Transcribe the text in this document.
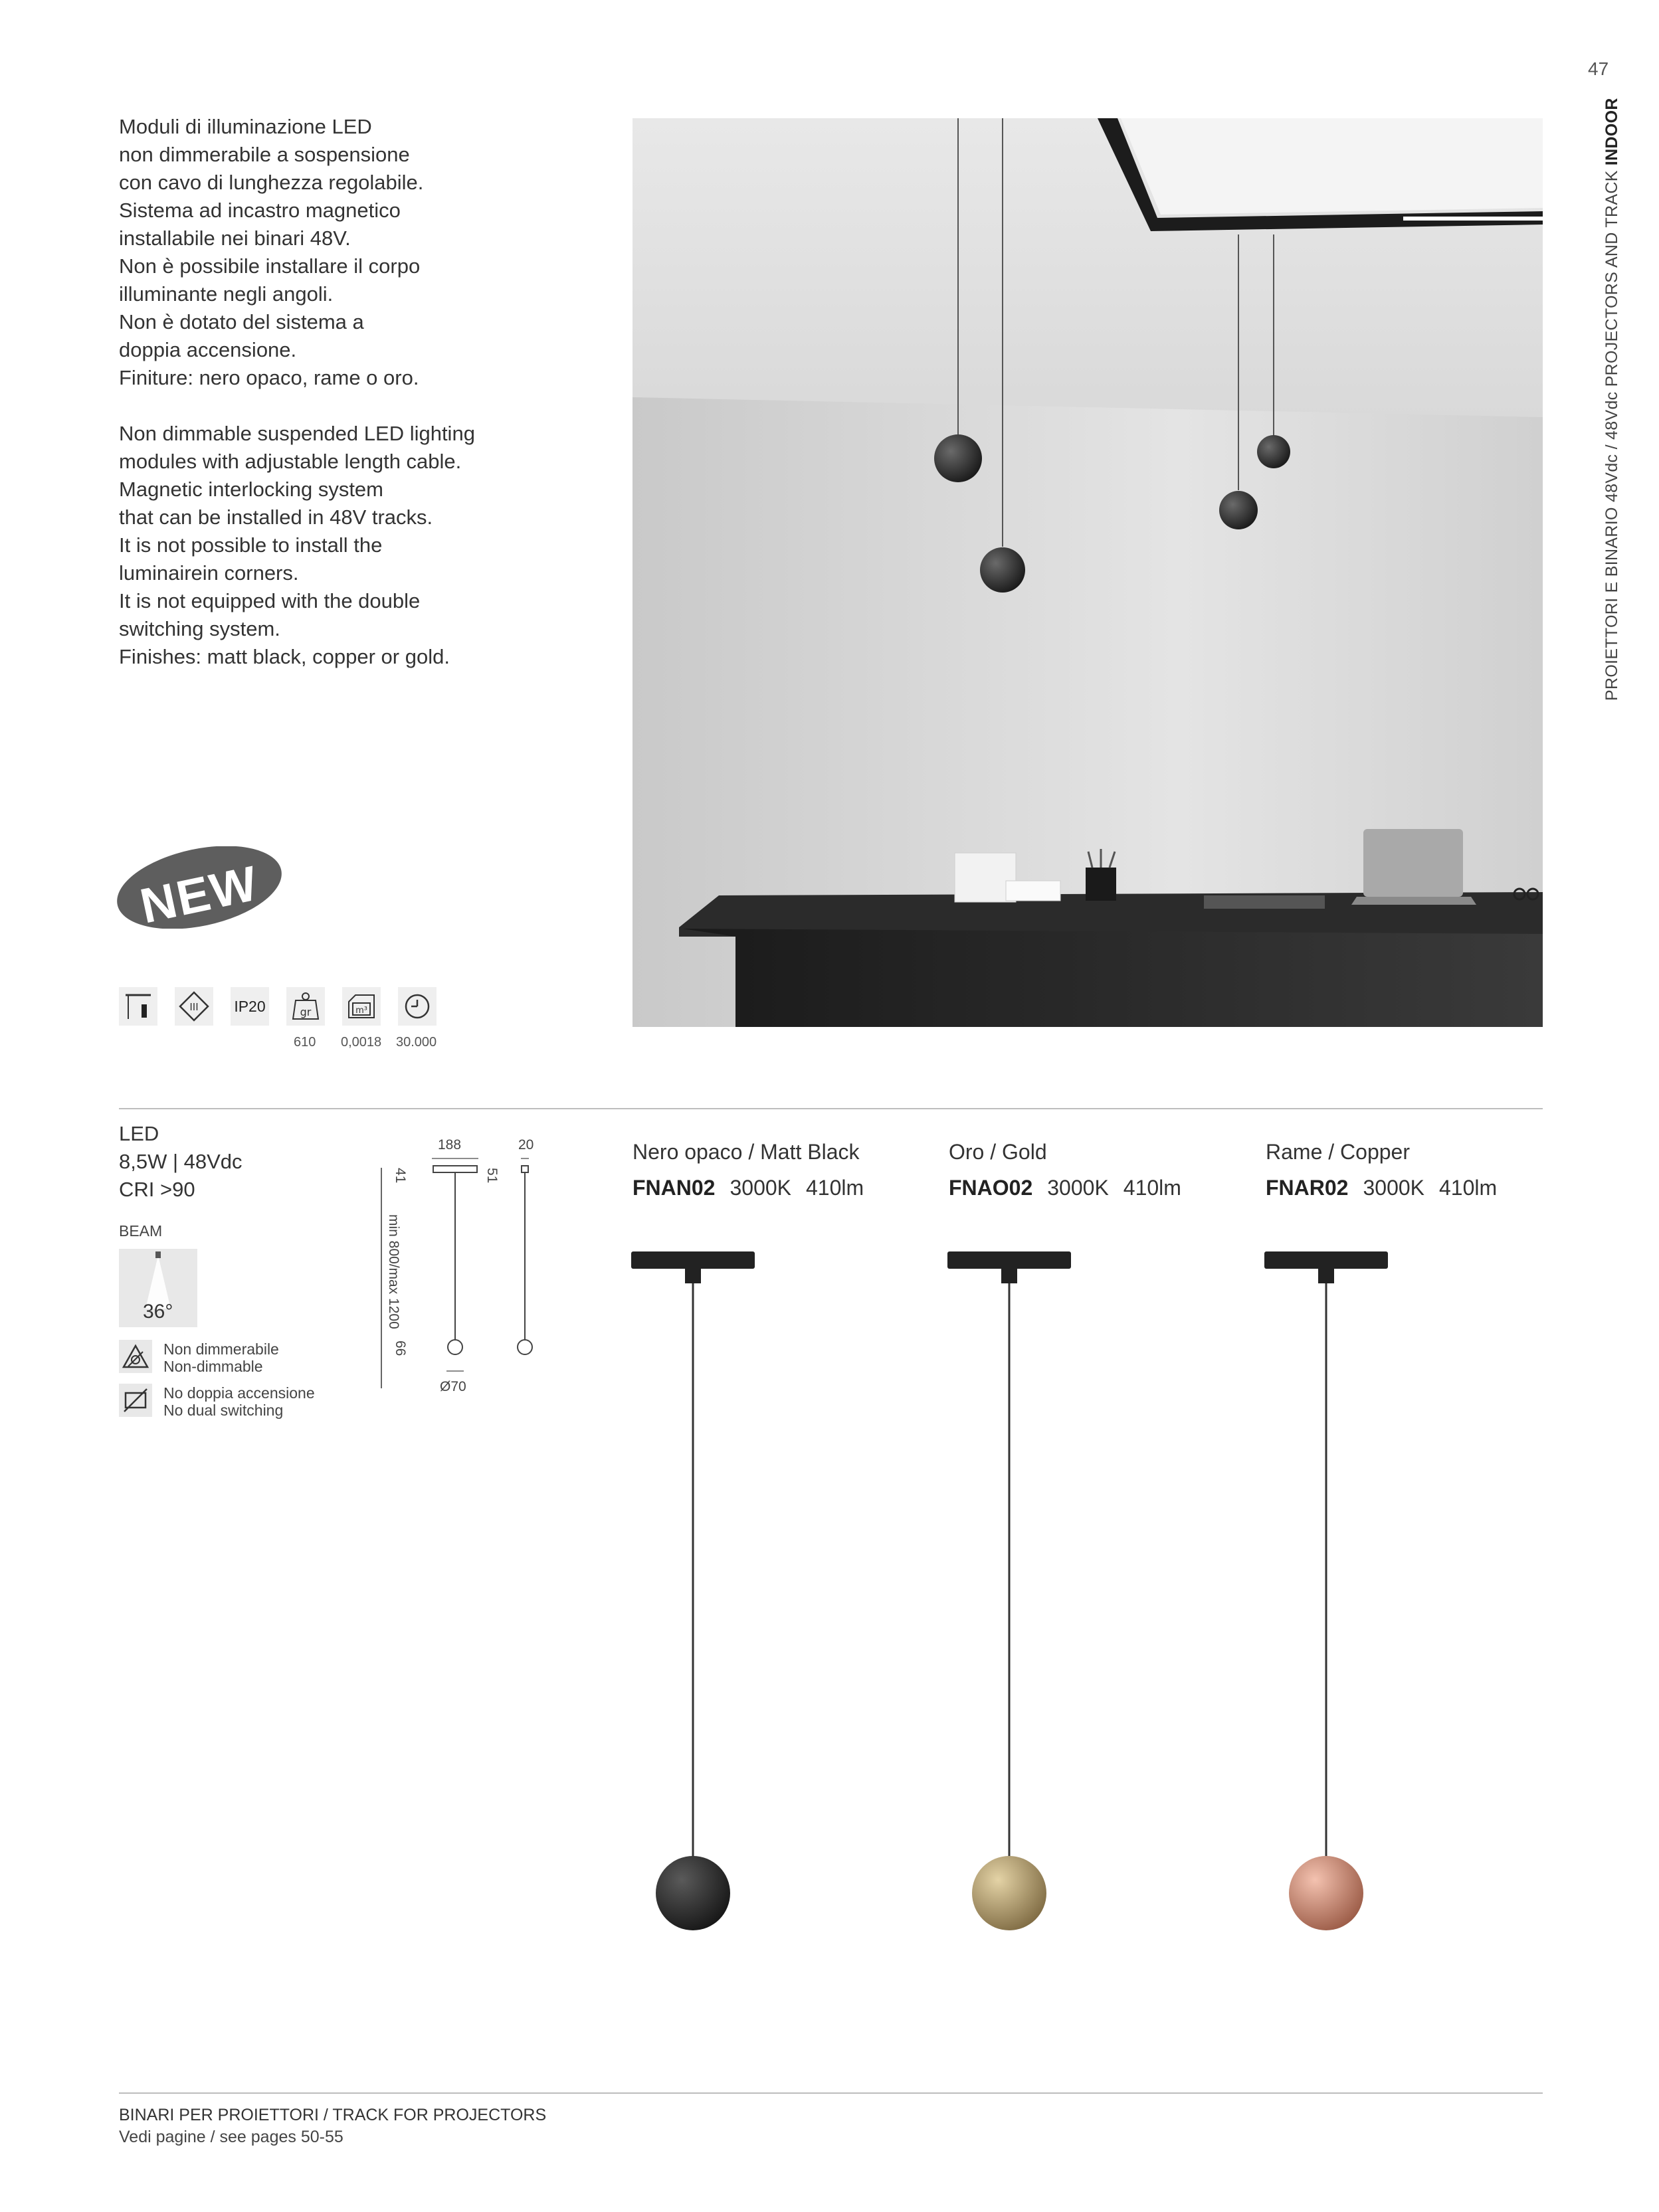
47
PROIETTORI E BINARIO 48Vdc / 48Vdc PROJECTORS AND TRACK INDOOR

Moduli di illuminazione LED

non dimmerabile a sospensione

con cavo di lunghezza regolabile.

Sistema ad incastro magnetico

installabile nei binari 48V.

Non è possibile installare il corpo

illuminante negli angoli.

Non è dotato del sistema a

doppia accensione.

Finiture: nero opaco, rame o oro.

Non dimmable suspended LED lighting

modules with adjustable length cable.

Magnetic interlocking system

that can be installed in 48V tracks.

It is not possible to install the

luminairein corners.

It is not equipped with the double

switching system.

Finishes: matt black, copper or gold.

NEW
III IP20	gr	m³
610 0,0018 30.000
LED
8,5W | 48Vdc
CRI >90
BEAM
36°
Non dimmerabile
Non-dimmable
No doppia accensione
No dual switching
188	20
41	51
min 800/max 1200
66
Ø70
Nero opaco / Matt Black
FNAN02 3000K 410lm
Oro / Gold
FNAO02 3000K 410lm
Rame / Copper
FNAR02 3000K 410lm
BINARI PER PROIETTORI / TRACK FOR PROJECTORS
Vedi pagine / see pages 50-55
